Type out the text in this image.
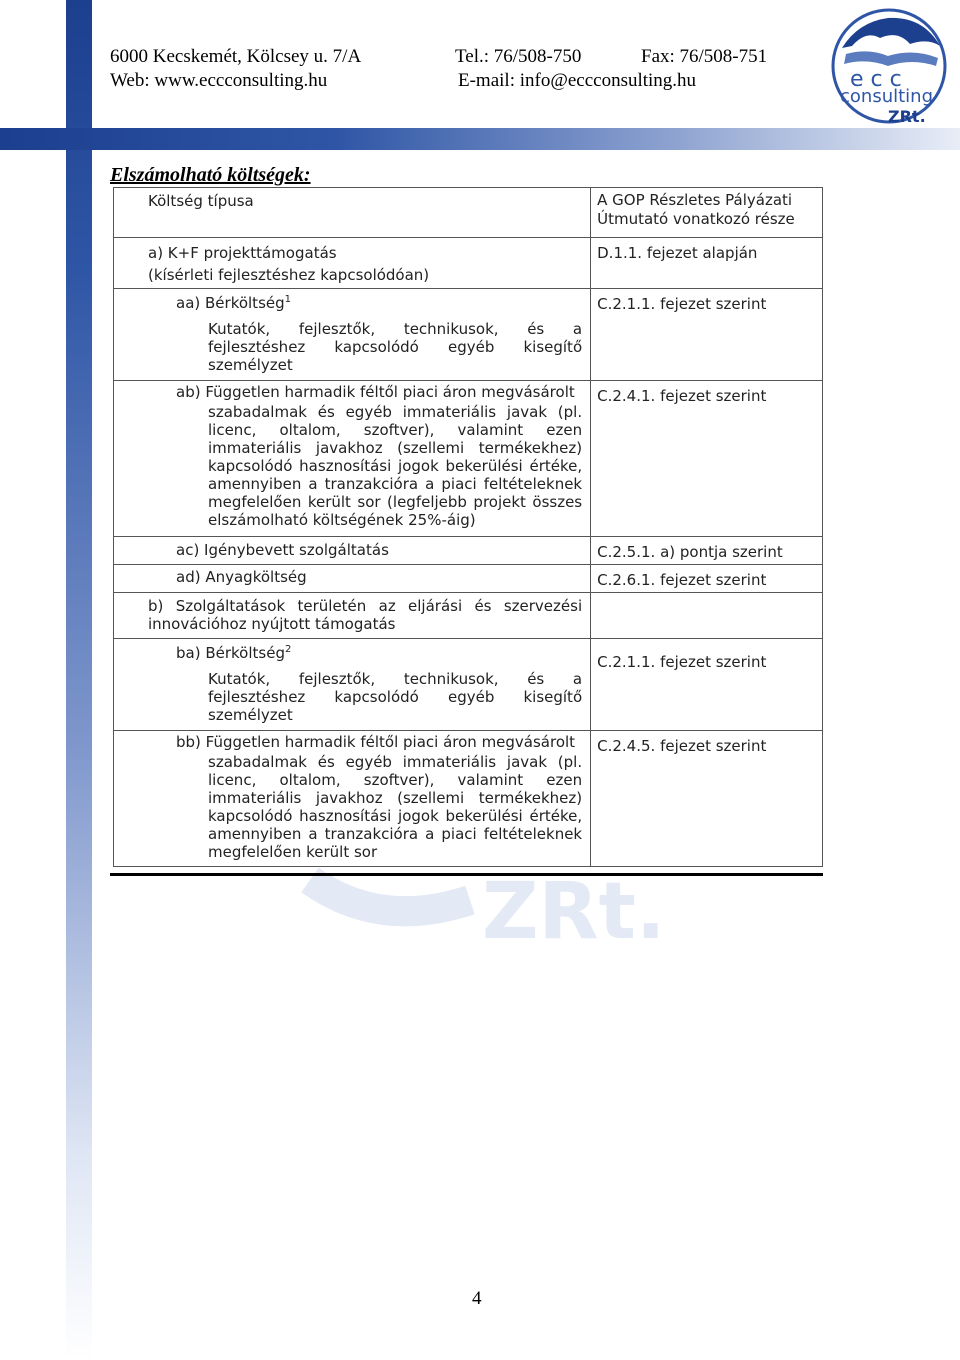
6000 Kecskemét, Kölcsey u. 7/A	Tel.: 76/508-750	Fax: 76/508-751
Web: www.eccconsulting.hu	E-mail: info@eccconsulting.hu	e c c
consulting
ZRt.
ZRt.
Elszámolható költségek:
Költség típusa	A GOP Részletes Pályázati Útmutató vonatkozó része

a) K+F projekttámogatás
(kísérleti fejlesztéshez kapcsolódóan)	D.1.1. fejezet alapján

aa) Bérköltség$^1$
Kutatók, fejlesztők, technikusok, és a fejlesztéshez kapcsolódó egyéb kisegítő személyzet	C.2.1.1. fejezet szerint

ab) Független harmadik féltől piaci áron megvásárolt
szabadalmak és egyéb immateriális javak (pl. licenc, oltalom, szoftver), valamint ezen immateriális javakhoz (szellemi termékekhez) kapcsolódó hasznosítási jogok bekerülési értéke, amennyiben a tranzakcióra a piaci feltételeknek megfelelően került sor (legfeljebb projekt összes elszámolható költségének 25%-áig)	C.2.4.1. fejezet szerint

ac) Igénybevett szolgáltatás	C.2.5.1. a) pontja szerint

ad) Anyagköltség	C.2.6.1. fejezet szerint

b) Szolgáltatások területén az eljárási és szervezési innovációhoz nyújtott támogatás	

ba) Bérköltség$^2$
Kutatók, fejlesztők, technikusok, és a fejlesztéshez kapcsolódó egyéb kisegítő személyzet	C.2.1.1. fejezet szerint

bb) Független harmadik féltől piaci áron megvásárolt
szabadalmak és egyéb immateriális javak (pl. licenc, oltalom, szoftver), valamint ezen immateriális javakhoz (szellemi termékekhez) kapcsolódó hasznosítási jogok bekerülési értéke, amennyiben a tranzakcióra a piaci feltételeknek megfelelően került sor	C.2.4.5. fejezet szerint
4
